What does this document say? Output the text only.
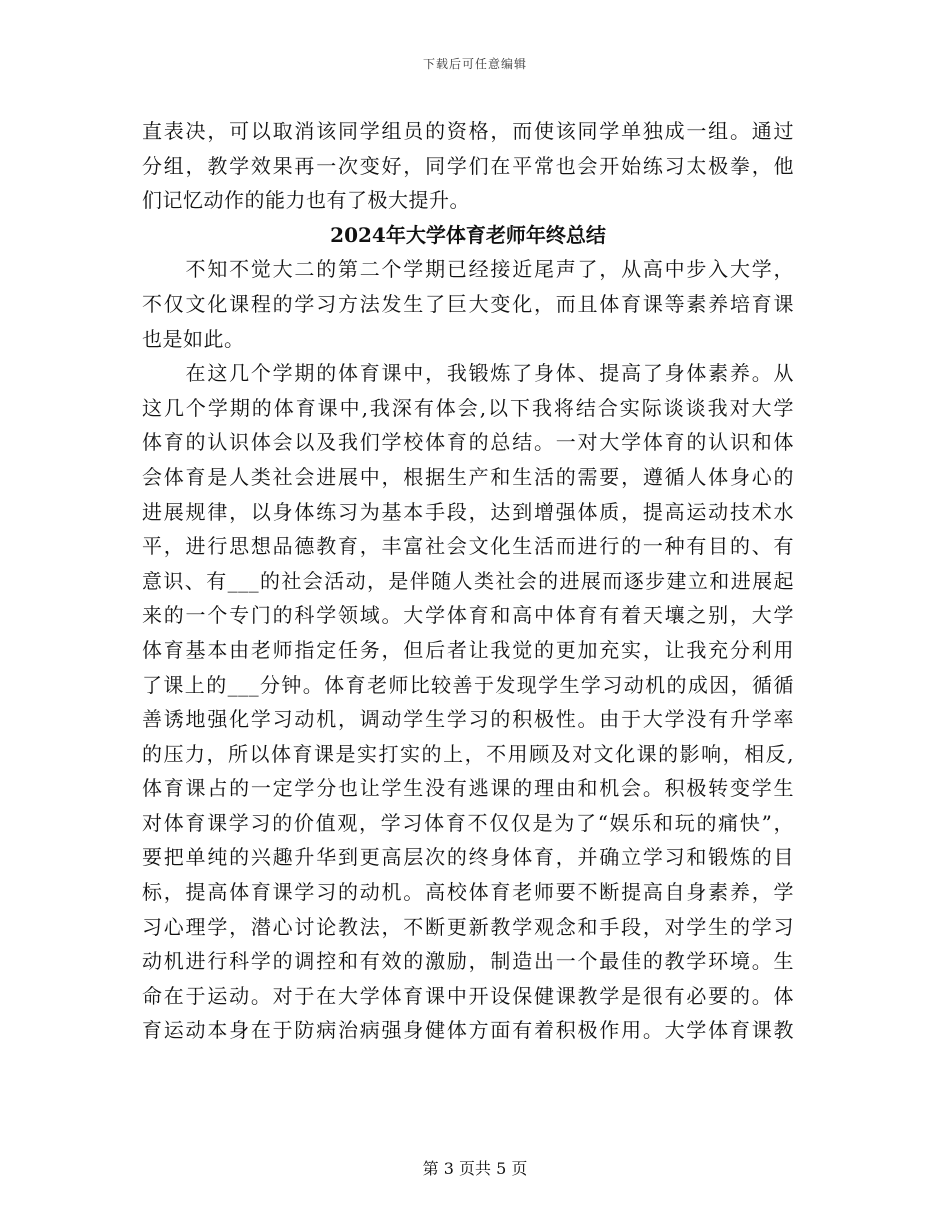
下载后可任意编辑
直表决，可以取消该同学组员的资格，而使该同学单独成一组。通过
分组，教学效果再一次变好，同学们在平常也会开始练习太极拳，他
们记忆动作的能力也有了极大提升。
2024年大学体育老师年终总结
　　不知不觉大二的第二个学期已经接近尾声了，从高中步入大学，
不仅文化课程的学习方法发生了巨大变化，而且体育课等素养培育课
也是如此。
　　在这几个学期的体育课中，我锻炼了身体、提高了身体素养。从
这几个学期的体育课中,我深有体会,以下我将结合实际谈谈我对大学
体育的认识体会以及我们学校体育的总结。一对大学体育的认识和体
会体育是人类社会进展中，根据生产和生活的需要，遵循人体身心的
进展规律，以身体练习为基本手段，达到增强体质，提高运动技术水
平，进行思想品德教育，丰富社会文化生活而进行的一种有目的、有
意识、有___的社会活动，是伴随人类社会的进展而逐步建立和进展起
来的一个专门的科学领域。大学体育和高中体育有着天壤之别，大学
体育基本由老师指定任务，但后者让我觉的更加充实，让我充分利用
了课上的___分钟。体育老师比较善于发现学生学习动机的成因，循循
善诱地强化学习动机，调动学生学习的积极性。由于大学没有升学率
的压力，所以体育课是实打实的上，不用顾及对文化课的影响，相反,
体育课占的一定学分也让学生没有逃课的理由和机会。积极转变学生
对体育课学习的价值观，学习体育不仅仅是为了“娱乐和玩的痛快”，
要把单纯的兴趣升华到更高层次的终身体育，并确立学习和锻炼的目
标，提高体育课学习的动机。高校体育老师要不断提高自身素养，学
习心理学，潜心讨论教法，不断更新教学观念和手段，对学生的学习
动机进行科学的调控和有效的激励，制造出一个最佳的教学环境。生
命在于运动。对于在大学体育课中开设保健课教学是很有必要的。体
育运动本身在于防病治病强身健体方面有着积极作用。大学体育课教
第 3 页共 5 页
